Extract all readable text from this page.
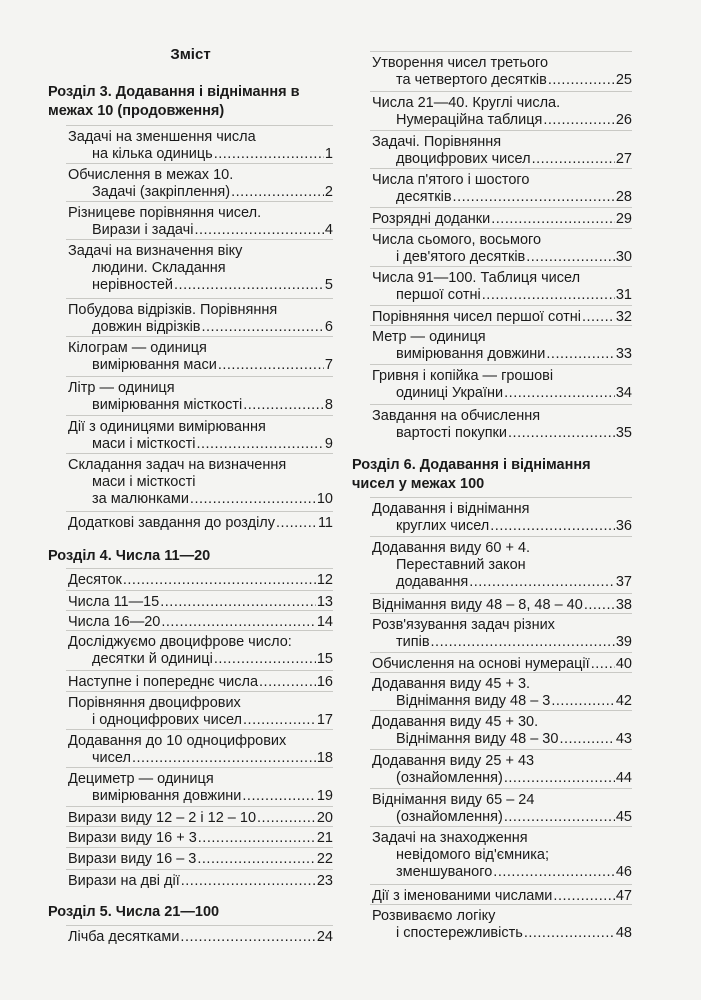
Зміст
Розділ 3. Додавання і віднімання в межах 10 (продовження)
Задачі на зменшення числа
на кілька одиниць .....	1
Обчислення в межах 10.
Задачі (закріплення) .....	2
Різницеве порівняння чисел.
Вирази і задачі .....	4
Задачі на визначення віку
людини. Складання
нерівностей .....	5
Побудова відрізків. Порівняння
довжин відрізків .....	6
Кілограм — одиниця
вимірювання маси .....	7
Літр — одиниця
вимірювання місткості .....	8
Дії з одиницями вимірювання
маси і місткості .....	9
Складання задач на визначення
маси і місткості
за малюнками .....	10
Додаткові завдання до розділу .....	11
Розділ 4. Числа 11—20
Десяток .....	12
Числа 11—15 .....	13
Числа 16—20 .....	14
Досліджуємо двоцифрове число:
десятки й одиниці .....	15
Наступне і попереднє числа .....	16
Порівняння двоцифрових
і одноцифрових чисел .....	17
Додавання до 10 одноцифрових
чисел .....	18
Дециметр — одиниця
вимірювання довжини .....	19
Вирази виду 12 – 2 і 12 – 10 .....	20
Вирази виду 16 + 3 .....	21
Вирази виду 16 – 3 .....	22
Вирази на дві дії .....	23
Розділ 5. Числа 21—100
Лічба десятками .....	24
Утворення чисел третього
та четвертого десятків .....	25
Числа 21—40. Круглі числа.
Нумераційна таблиця .....	26
Задачі. Порівняння
двоцифрових чисел .....	27
Числа п'ятого і шостого
десятків .....	28
Розрядні доданки .....	29
Числа сьомого, восьмого
і дев'ятого десятків .....	30
Числа 91—100. Таблиця чисел
першої сотні .....	31
Порівняння чисел першої сотні ..... 32
Метр — одиниця
вимірювання довжини .....	33
Гривня і копійка — грошові
одиниці України .....	34
Завдання на обчислення
вартості покупки .....	35
Розділ 6. Додавання і віднімання чисел у межах 100
Додавання і віднімання
круглих чисел .....	36
Додавання виду 60 + 4.
Переставний закон
додавання .....	37
Віднімання виду 48 – 8, 48 – 40 ..... 38
Розв'язування задач різних
типів .....	39
Обчислення на основі нумерації ..... 40
Додавання виду 45 + 3.
Віднімання виду 48 – 3 .....	42
Додавання виду 45 + 30.
Віднімання виду 48 – 30 .....	43
Додавання виду 25 + 43
(ознайомлення) .....	44
Віднімання виду 65 – 24
(ознайомлення) .....	45
Задачі на знаходження
невідомого від'ємника;
зменшуваного .....	46
Дії з іменованими числами .....	47
Розвиваємо логіку
і спостережливість .....	48
